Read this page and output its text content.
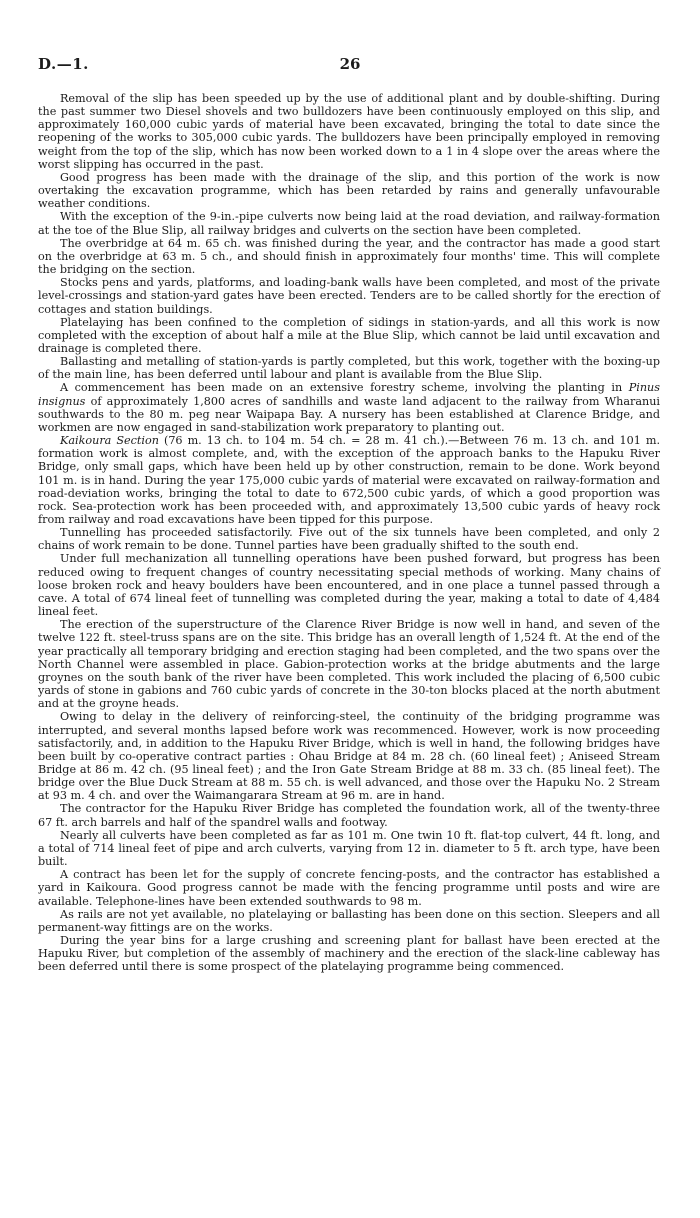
D.—1.	26

Removal of the slip has been speeded up by the use of additional plant and by double-shifting. During the past summer two Diesel shovels and two bulldozers have been continuously employed on this slip, and approximately 160,000 cubic yards of material have been excavated, bringing the total to date since the reopening of the works to 305,000 cubic yards. The bulldozers have been principally employed in removing weight from the top of the slip, which has now been worked down to a 1 in 4 slope over the areas where the worst slipping has occurred in the past.

Good progress has been made with the drainage of the slip, and this portion of the work is now overtaking the excavation programme, which has been retarded by rains and generally unfavourable weather conditions.

With the exception of the 9-in.-pipe culverts now being laid at the road deviation, and railway-formation at the toe of the Blue Slip, all railway bridges and culverts on the section have been completed.

The overbridge at 64 m. 65 ch. was finished during the year, and the contractor has made a good start on the overbridge at 63 m. 5 ch., and should finish in approximately four months' time. This will complete the bridging on the section.

Stocks pens and yards, platforms, and loading-bank walls have been completed, and most of the private level-crossings and station-yard gates have been erected. Tenders are to be called shortly for the erection of cottages and station buildings.

Platelaying has been confined to the completion of sidings in station-yards, and all this work is now completed with the exception of about half a mile at the Blue Slip, which cannot be laid until excavation and drainage is completed there.

Ballasting and metalling of station-yards is partly completed, but this work, together with the boxing-up of the main line, has been deferred until labour and plant is available from the Blue Slip.

A commencement has been made on an extensive forestry scheme, involving the planting in Pinus insignus of approximately 1,800 acres of sandhills and waste land adjacent to the railway from Wharanui southwards to the 80 m. peg near Waipapa Bay. A nursery has been established at Clarence Bridge, and workmen are now engaged in sand-stabilization work preparatory to planting out.

Kaikoura Section (76 m. 13 ch. to 104 m. 54 ch. = 28 m. 41 ch.).—Between 76 m. 13 ch. and 101 m. formation work is almost complete, and, with the exception of the approach banks to the Hapuku River Bridge, only small gaps, which have been held up by other construction, remain to be done. Work beyond 101 m. is in hand. During the year 175,000 cubic yards of material were excavated on railway-formation and road-deviation works, bringing the total to date to 672,500 cubic yards, of which a good proportion was rock. Sea-protection work has been proceeded with, and approximately 13,500 cubic yards of heavy rock from railway and road excavations have been tipped for this purpose.

Tunnelling has proceeded satisfactorily. Five out of the six tunnels have been completed, and only 2 chains of work remain to be done. Tunnel parties have been gradually shifted to the south end.

Under full mechanization all tunnelling operations have been pushed forward, but progress has been reduced owing to frequent changes of country necessitating special methods of working. Many chains of loose broken rock and heavy boulders have been encountered, and in one place a tunnel passed through a cave. A total of 674 lineal feet of tunnelling was completed during the year, making a total to date of 4,484 lineal feet.

The erection of the superstructure of the Clarence River Bridge is now well in hand, and seven of the twelve 122 ft. steel-truss spans are on the site. This bridge has an overall length of 1,524 ft. At the end of the year practically all temporary bridging and erection staging had been completed, and the two spans over the North Channel were assembled in place. Gabion-protection works at the bridge abutments and the large groynes on the south bank of the river have been completed. This work included the placing of 6,500 cubic yards of stone in gabions and 760 cubic yards of concrete in the 30-ton blocks placed at the north abutment and at the groyne heads.

Owing to delay in the delivery of reinforcing-steel, the continuity of the bridging programme was interrupted, and several months lapsed before work was recommenced. However, work is now proceeding satisfactorily, and, in addition to the Hapuku River Bridge, which is well in hand, the following bridges have been built by co-operative contract parties : Ohau Bridge at 84 m. 28 ch. (60 lineal feet) ; Aniseed Stream Bridge at 86 m. 42 ch. (95 lineal feet) ; and the Iron Gate Stream Bridge at 88 m. 33 ch. (85 lineal feet). The bridge over the Blue Duck Stream at 88 m. 55 ch. is well advanced, and those over the Hapuku No. 2 Stream at 93 m. 4 ch. and over the Waimangarara Stream at 96 m. are in hand.

The contractor for the Hapuku River Bridge has completed the foundation work, all of the twenty-three 67 ft. arch barrels and half of the spandrel walls and footway.

Nearly all culverts have been completed as far as 101 m. One twin 10 ft. flat-top culvert, 44 ft. long, and a total of 714 lineal feet of pipe and arch culverts, varying from 12 in. diameter to 5 ft. arch type, have been built.

A contract has been let for the supply of concrete fencing-posts, and the contractor has established a yard in Kaikoura. Good progress cannot be made with the fencing programme until posts and wire are available. Telephone-lines have been extended southwards to 98 m.

As rails are not yet available, no platelaying or ballasting has been done on this section. Sleepers and all permanent-way fittings are on the works.

During the year bins for a large crushing and screening plant for ballast have been erected at the Hapuku River, but completion of the assembly of machinery and the erection of the slack-line cableway has been deferred until there is some prospect of the platelaying programme being commenced.
